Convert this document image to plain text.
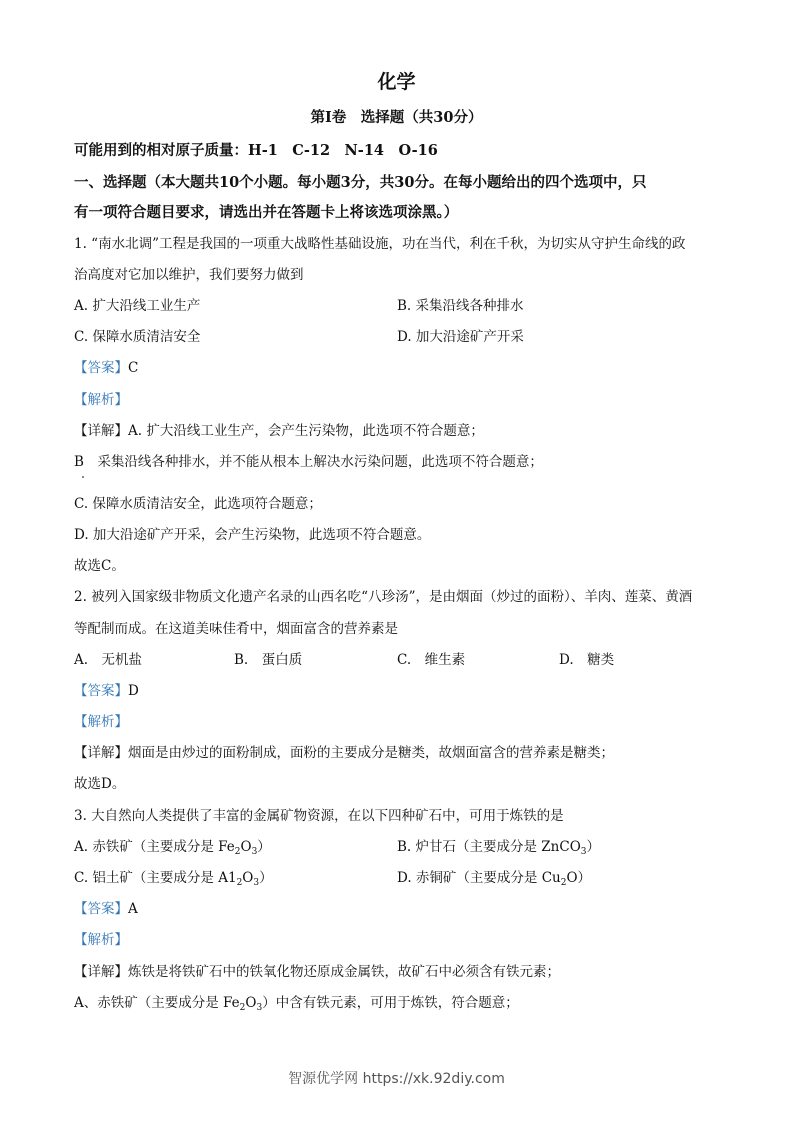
化学
第Ⅰ卷　选择题（共30分）
可能用到的相对原子质量：H-1　C-12　N-14　O-16
一、选择题（本大题共10个小题。每小题3分，共30分。在每小题给出的四个选项中，只
有一项符合题目要求，请选出并在答题卡上将该选项涂黑。）
1. “南水北调”工程是我国的一项重大战略性基础设施，功在当代，利在千秋，为切实从守护生命线的政
治高度对它加以维护，我们要努力做到
A. 扩大沿线工业生产	B. 采集沿线各种排水
C. 保障水质清洁安全	D. 加大沿途矿产开采
【答案】C
【解析】
【详解】A. 扩大沿线工业生产，会产生污染物，此选项不符合题意；
B　采集沿线各种排水，并不能从根本上解决水污染问题，此选项不符合题意；
C. 保障水质清洁安全，此选项符合题意；
D. 加大沿途矿产开采，会产生污染物，此选项不符合题意。
故选C。
2. 被列入国家级非物质文化遗产名录的山西名吃“八珍汤”，是由烟面（炒过的面粉）、羊肉、莲菜、黄酒
等配制而成。在这道美味佳肴中，烟面富含的营养素是
A.　无机盐	B.　蛋白质	C.　维生素	D.　糖类
【答案】D
【解析】
【详解】烟面是由炒过的面粉制成，面粉的主要成分是糖类，故烟面富含的营养素是糖类；
故选D。
3. 大自然向人类提供了丰富的金属矿物资源，在以下四种矿石中，可用于炼铁的是
A. 赤铁矿（主要成分是 $Fe_2O_3$）	B. 炉甘石（主要成分是 ZnCO$_3$）
C. 铝土矿（主要成分是 $A1_2O_3$）	D. 赤铜矿（主要成分是 $Cu_2O$）
【答案】A
【解析】
【详解】炼铁是将铁矿石中的铁氧化物还原成金属铁，故矿石中必须含有铁元素；
A、赤铁矿（主要成分是 $Fe_2O_3$）中含有铁元素，可用于炼铁，符合题意；
智源优学网 https://xk.92diy.com
